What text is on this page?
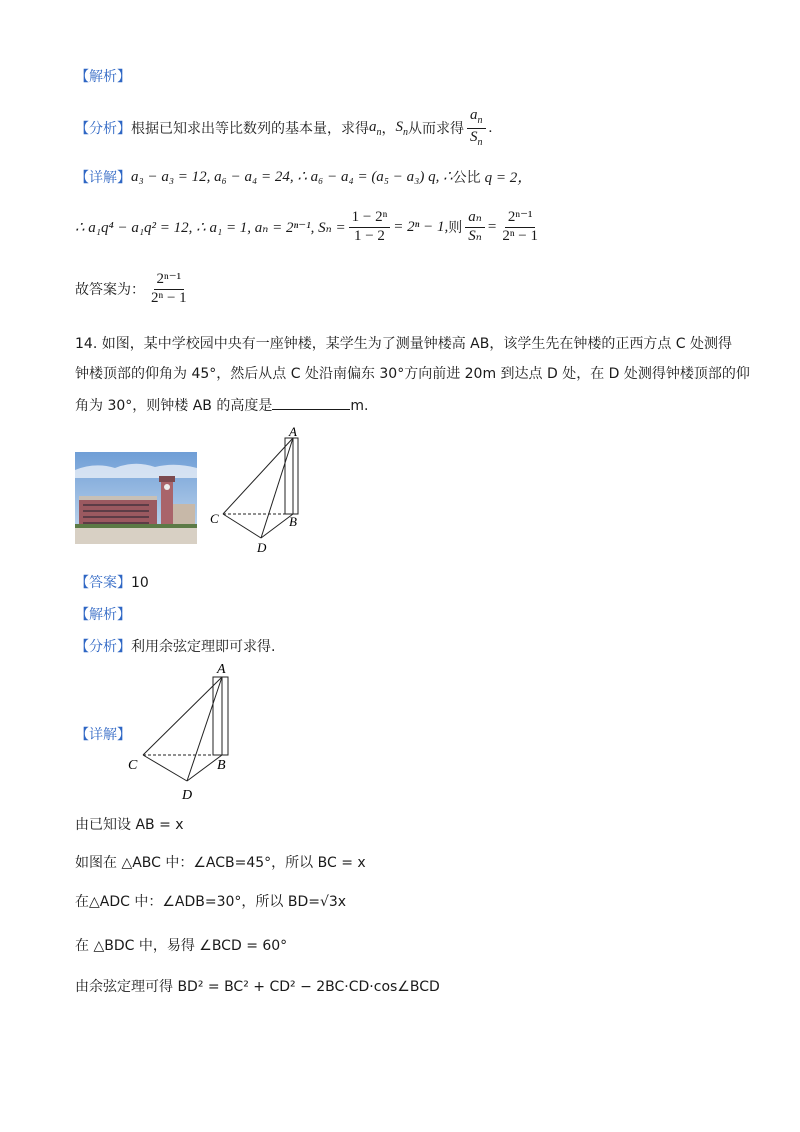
【解析】
【分析】 根据已知求出等比数列的基本量，求得 $a_n$ ， $S_n$ 从而求得 $\frac{a_n}{S_n}$ .
【详解】 a₃ − a₃ = 12, a₆ − a₄ = 24, ∴ a₆ − a₄ = (a₅ − a₃) q, ∴ 公比 q = 2，
∴ a₁q⁴ − a₁q² = 12, ∴ a₁ = 1, aₙ = 2ⁿ⁻¹, $S_n = \frac{\text{1 − 2ⁿ}}{1 - 2} = 2^n - 1$, 则 $\frac{\text{aₙ}}{\text{Sₙ}} = \frac{\text{2ⁿ⁻¹}}{\text{2ⁿ − 1}}$
故答案为： $\frac{\text{2ⁿ⁻¹}}{\text{2ⁿ − 1}}$
14. 如图，某中学校园中央有一座钟楼，某学生为了测量钟楼高 AB，该学生先在钟楼的正西方点 C 处测得
钟楼顶部的仰角为 45°，然后从点 C 处沿南偏东 30°方向前进 20m 到达点 D 处，在 D 处测得钟楼顶部的仰
角为 30°，则钟楼 AB 的高度是	m.
A
B
C
D
【答案】10
【解析】
【分析】利用余弦定理即可求得.
【详解】
A
B
C
D
由已知设 AB = x
如图在 △ABC 中：∠ACB=45°，所以 BC = x
在△ADC 中：∠ADB=30°，所以 BD=√3x
在 △BDC 中，易得 ∠BCD = 60°
由余弦定理可得 BD² = BC² + CD² − 2BC·CD·cos∠BCD
